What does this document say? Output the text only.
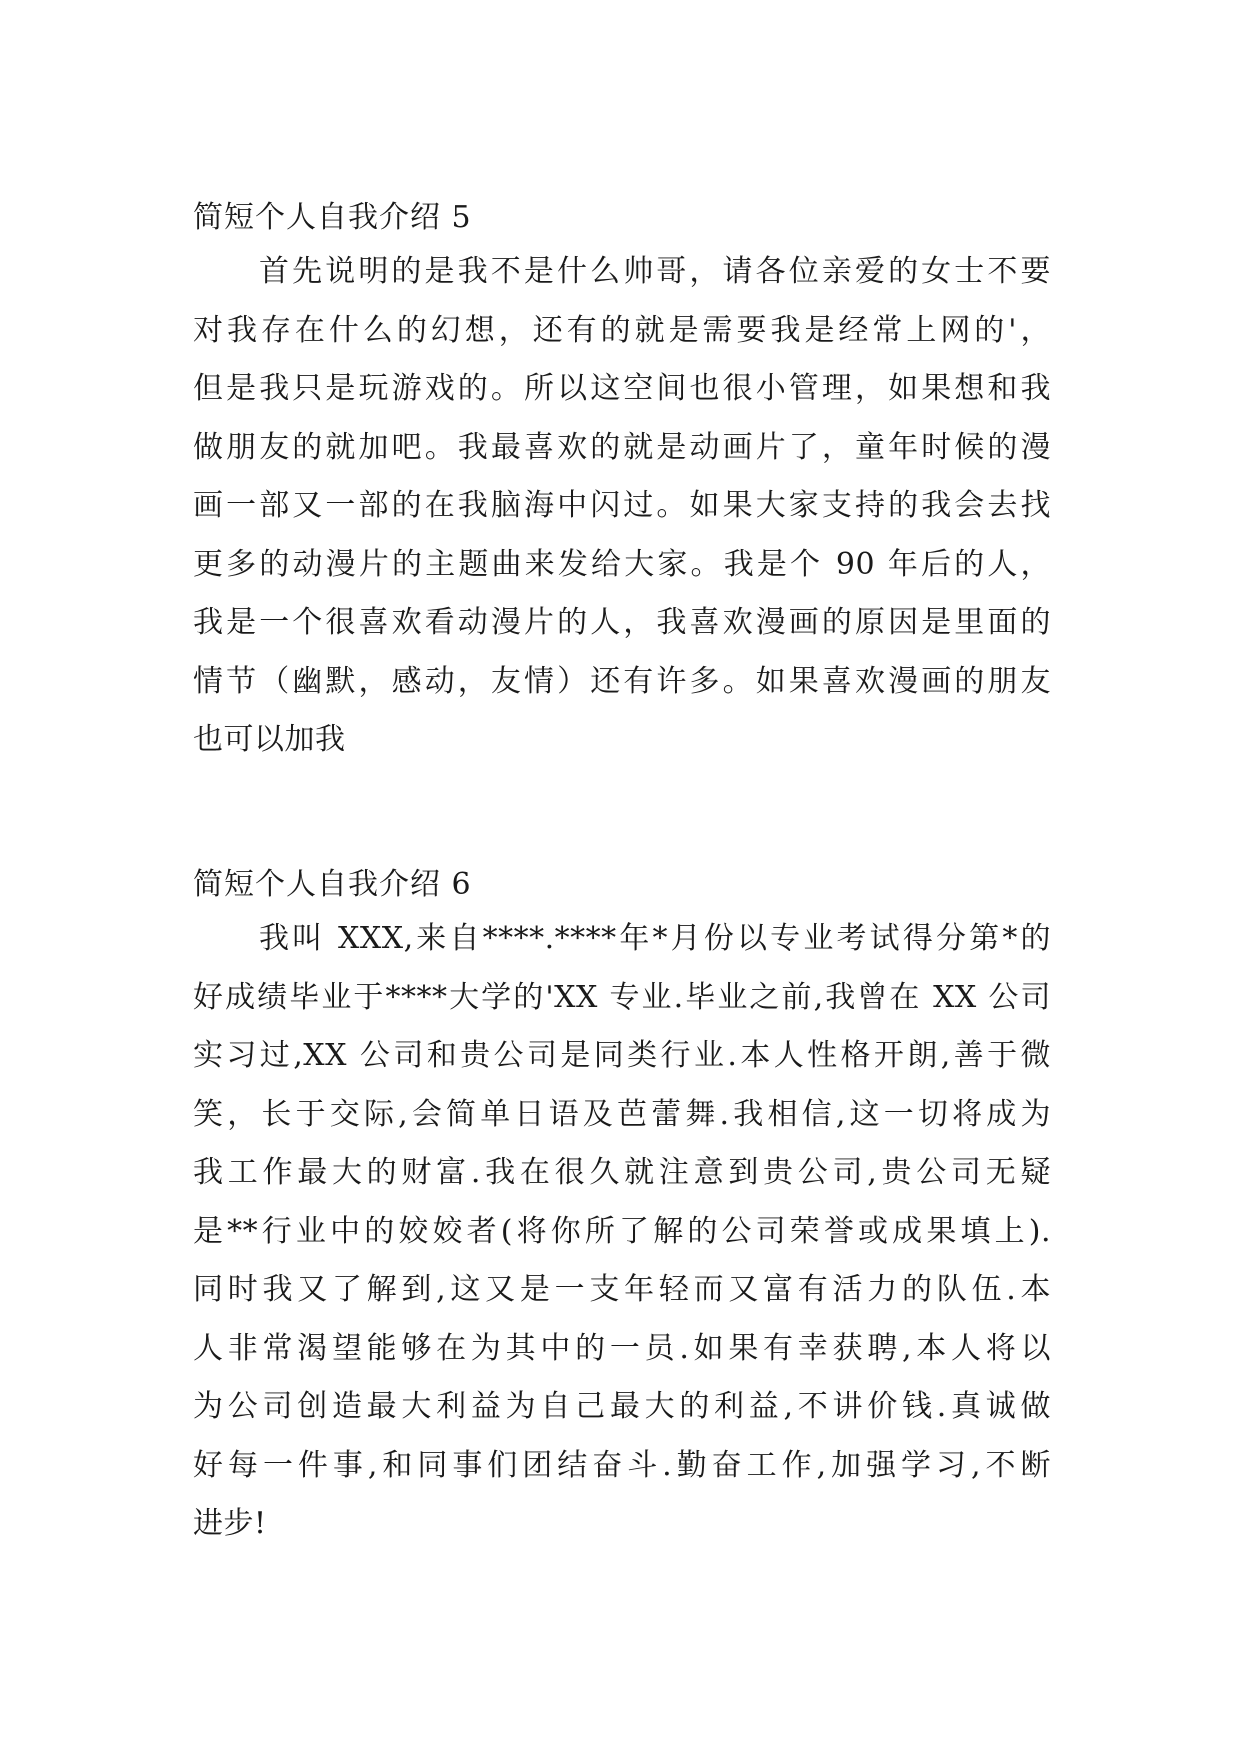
简短个人自我介绍 5
首先说明的是我不是什么帅哥，请各位亲爱的女士不要
对我存在什么的幻想，还有的就是需要我是经常上网的'，
但是我只是玩游戏的。所以这空间也很小管理，如果想和我
做朋友的就加吧。我最喜欢的就是动画片了，童年时候的漫
画一部又一部的在我脑海中闪过。如果大家支持的我会去找
更多的动漫片的主题曲来发给大家。我是个 90 年后的人，
我是一个很喜欢看动漫片的人，我喜欢漫画的原因是里面的
情节（幽默，感动，友情）还有许多。如果喜欢漫画的朋友
也可以加我
简短个人自我介绍 6
我叫 XXX,来自****.****年*月份以专业考试得分第*的
好成绩毕业于****大学的'XX 专业.毕业之前,我曾在 XX 公司
实习过,XX 公司和贵公司是同类行业.本人性格开朗,善于微
笑，长于交际,会简单日语及芭蕾舞.我相信,这一切将成为
我工作最大的财富.我在很久就注意到贵公司,贵公司无疑
是**行业中的姣姣者(将你所了解的公司荣誉或成果填上).
同时我又了解到,这又是一支年轻而又富有活力的队伍.本
人非常渴望能够在为其中的一员.如果有幸获聘,本人将以
为公司创造最大利益为自己最大的利益,不讲价钱.真诚做
好每一件事,和同事们团结奋斗.勤奋工作,加强学习,不断
进步!
